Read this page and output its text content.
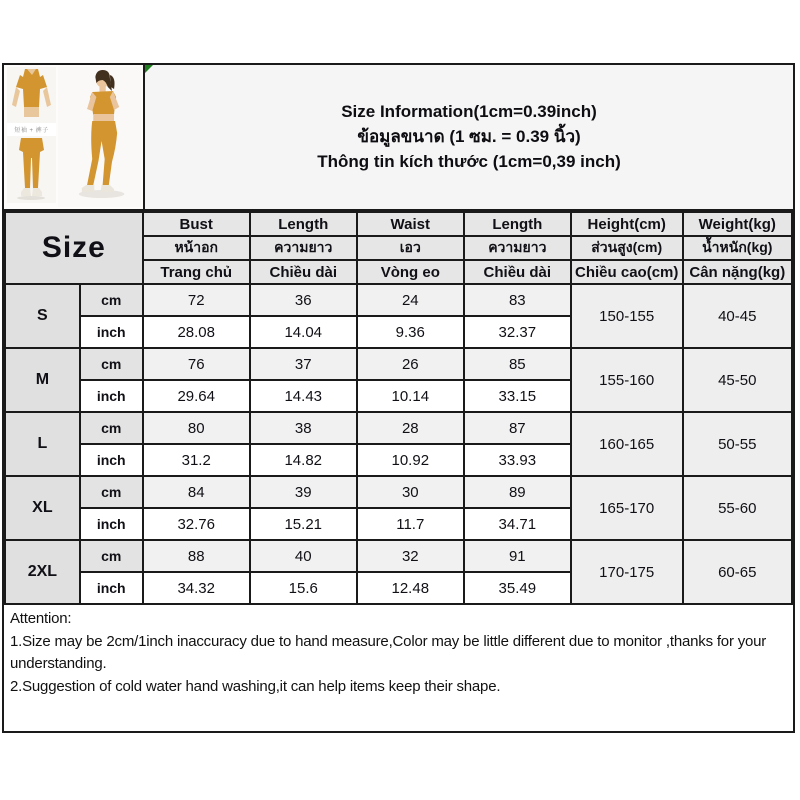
短袖 + 裤子
Size Information(1cm=0.39inch)
ข้อมูลขนาด (1 ซม. = 0.39 นิ้ว)
Thông tin kích thước (1cm=0,39 inch)
Size		Bust	Length	Waist	Length	Height(cm)	Weight(kg)
		หน้าอก	ความยาว	เอว	ความยาว	ส่วนสูง(cm)	น้ำหนัก(kg)
		Trang chủ	Chiều dài	Vòng eo	Chiều dài	Chiều cao(cm)	Cân nặng(kg)
S	cm	72	36	24	83	150-155	40-45
	inch	28.08	14.04	9.36	32.37		
M	cm	76	37	26	85	155-160	45-50
	inch	29.64	14.43	10.14	33.15		
L	cm	80	38	28	87	160-165	50-55
	inch	31.2	14.82	10.92	33.93		
XL	cm	84	39	30	89	165-170	55-60
	inch	32.76	15.21	11.7	34.71		
2XL	cm	88	40	32	91	170-175	60-65
	inch	34.32	15.6	12.48	35.49		
Attention:
1.Size may be 2cm/1inch inaccuracy due to hand measure,Color may be little different due to monitor ,thanks for your understanding.
2.Suggestion of cold water hand washing,it can help items keep their shape.
